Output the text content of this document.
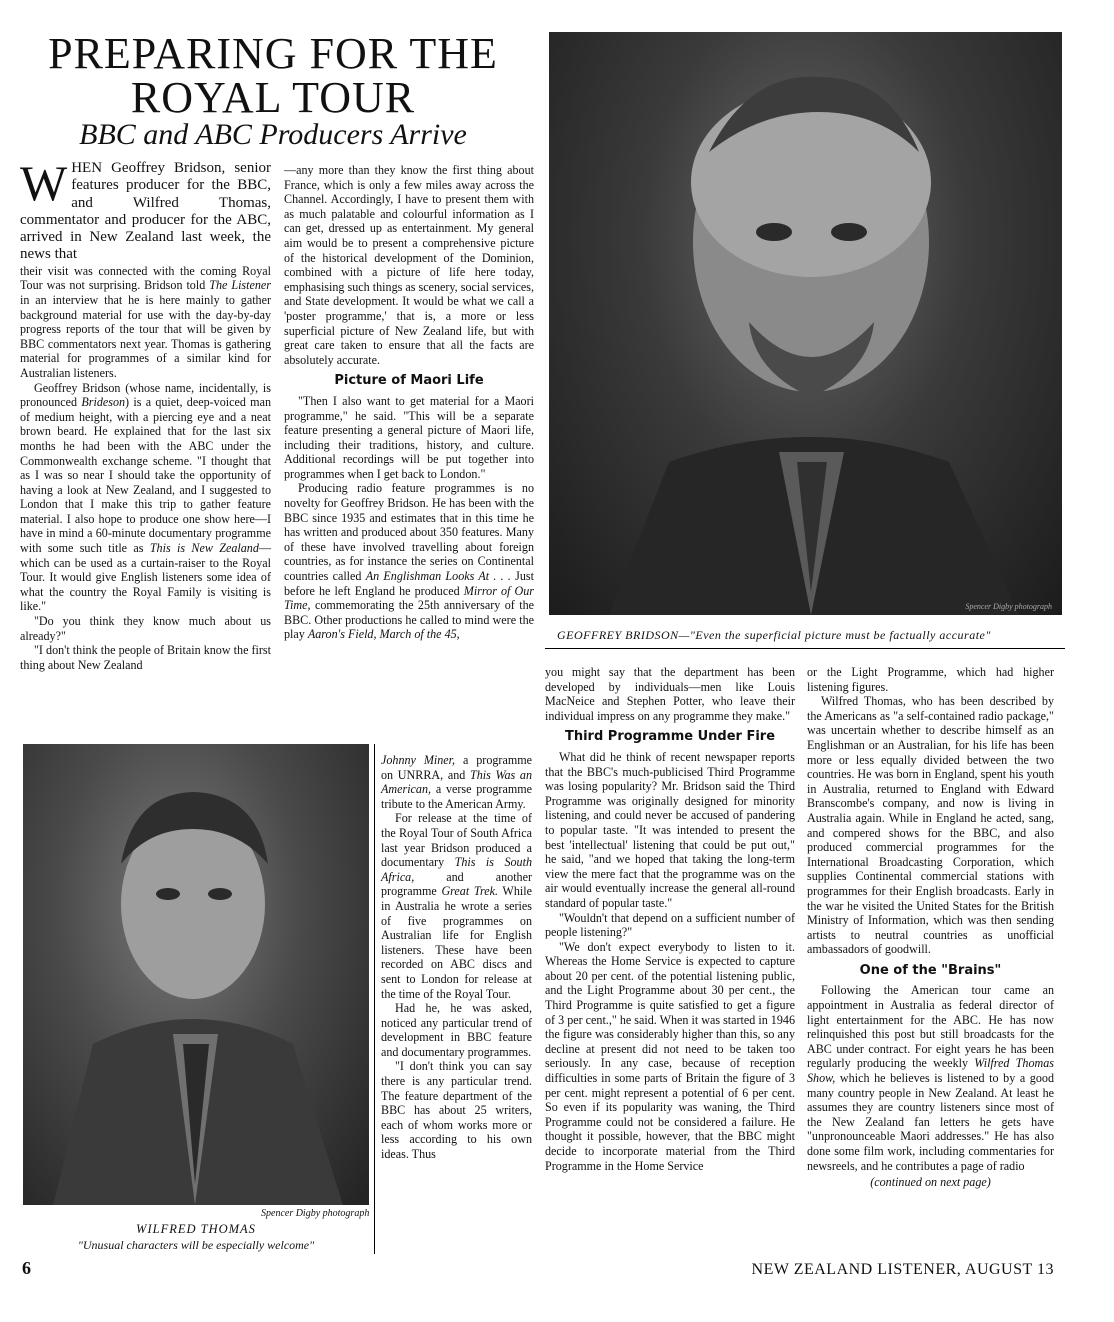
PREPARING FOR THE
ROYAL TOUR
BBC and ABC Producers Arrive

WHEN Geoffrey Bridson, senior features producer for the BBC, and Wilfred Thomas, commentator and producer for the ABC, arrived in New Zealand last week, the news that

their visit was connected with the coming Royal Tour was not surprising. Bridson told The Listener in an interview that he is here mainly to gather background material for use with the day-by-day progress reports of the tour that will be given by BBC commentators next year. Thomas is gathering material for programmes of a similar kind for Australian listeners.

Geoffrey Bridson (whose name, incidentally, is pronounced Brideson) is a quiet, deep-voiced man of medium height, with a piercing eye and a neat brown beard. He explained that for the last six months he had been with the ABC under the Commonwealth exchange scheme. "I thought that as I was so near I should take the opportunity of having a look at New Zealand, and I suggested to London that I make this trip to gather feature material. I also hope to produce one show here—I have in mind a 60-minute documentary programme with some such title as This is New Zealand—which can be used as a curtain-raiser to the Royal Tour. It would give English listeners some idea of what the country the Royal Family is visiting is like."

"Do you think they know much about us already?"

"I don't think the people of Britain know the first thing about New Zealand

—any more than they know the first thing about France, which is only a few miles away across the Channel. Accordingly, I have to present them with as much palatable and colourful information as I can get, dressed up as entertainment. My general aim would be to present a comprehensive picture of the historical development of the Dominion, combined with a picture of life here today, emphasising such things as scenery, social services, and State development. It would be what we call a 'poster programme,' that is, a more or less superficial picture of New Zealand life, but with great care taken to ensure that all the facts are absolutely accurate.

Picture of Maori Life

"Then I also want to get material for a Maori programme," he said. "This will be a separate feature presenting a general picture of Maori life, including their traditions, history, and culture. Additional recordings will be put together into programmes when I get back to London."

Producing radio feature programmes is no novelty for Geoffrey Bridson. He has been with the BBC since 1935 and estimates that in this time he has written and produced about 350 features. Many of these have involved travelling about foreign countries, as for instance the series on Continental countries called An Englishman Looks At . . . Just before he left England he produced Mirror of Our Time, commemorating the 25th anniversary of the BBC. Other productions he called to mind were the play Aaron's Field, March of the 45,

Johnny Miner, a programme on UNRRA, and This Was an American, a verse programme tribute to the American Army.

For release at the time of the Royal Tour of South Africa last year Bridson produced a documentary This is South Africa, and another programme Great Trek. While in Australia he wrote a series of five programmes on Australian life for English listeners. These have been recorded on ABC discs and sent to London for release at the time of the Royal Tour.

Had he, he was asked, noticed any particular trend of development in BBC feature and documentary programmes.

"I don't think you can say there is any particular trend. The feature department of the BBC has about 25 writers, each of whom works more or less according to his own ideas. Thus

Spencer Digby photograph
GEOFFREY BRIDSON—"Even the superficial picture must be factually accurate"
Spencer Digby photograph
WILFRED THOMAS
"Unusual characters will be especially welcome"

you might say that the department has been developed by individuals—men like Louis MacNeice and Stephen Potter, who leave their individual impress on any programme they make."

Third Programme Under Fire

What did he think of recent newspaper reports that the BBC's much-publicised Third Programme was losing popularity? Mr. Bridson said the Third Programme was originally designed for minority listening, and could never be accused of pandering to popular taste. "It was intended to present the best 'intellectual' listening that could be put out," he said, "and we hoped that taking the long-term view the mere fact that the programme was on the air would eventually increase the general all-round standard of popular taste."

"Wouldn't that depend on a sufficient number of people listening?"

"We don't expect everybody to listen to it. Whereas the Home Service is expected to capture about 20 per cent. of the potential listening public, and the Light Programme about 30 per cent., the Third Programme is quite satisfied to get a figure of 3 per cent.," he said. When it was started in 1946 the figure was considerably higher than this, so any decline at present did not need to be taken too seriously. In any case, because of reception difficulties in some parts of Britain the figure of 3 per cent. might represent a potential of 6 per cent. So even if its popularity was waning, the Third Programme could not be considered a failure. He thought it possible, however, that the BBC might decide to incorporate material from the Third Programme in the Home Service

or the Light Programme, which had higher listening figures.

Wilfred Thomas, who has been described by the Americans as "a self-contained radio package," was uncertain whether to describe himself as an Englishman or an Australian, for his life has been more or less equally divided between the two countries. He was born in England, spent his youth in Australia, returned to England with Edward Branscombe's company, and now is living in Australia again. While in England he acted, sang, and compered shows for the BBC, and also produced commercial programmes for the International Broadcasting Corporation, which supplies Continental commercial stations with programmes for their English broadcasts. Early in the war he visited the United States for the British Ministry of Information, which was then sending artists to neutral countries as unofficial ambassadors of goodwill.

One of the "Brains"

Following the American tour came an appointment in Australia as federal director of light entertainment for the ABC. He has now relinquished this post but still broadcasts for the ABC under contract. For eight years he has been regularly producing the weekly Wilfred Thomas Show, which he believes is listened to by a good many country people in New Zealand. At least he assumes they are country listeners since most of the New Zealand fan letters he gets have "unpronounceable Maori addresses." He has also done some film work, including commentaries for newsreels, and he contributes a page of radio

(continued on next page)

6	NEW ZEALAND LISTENER, AUGUST 13
